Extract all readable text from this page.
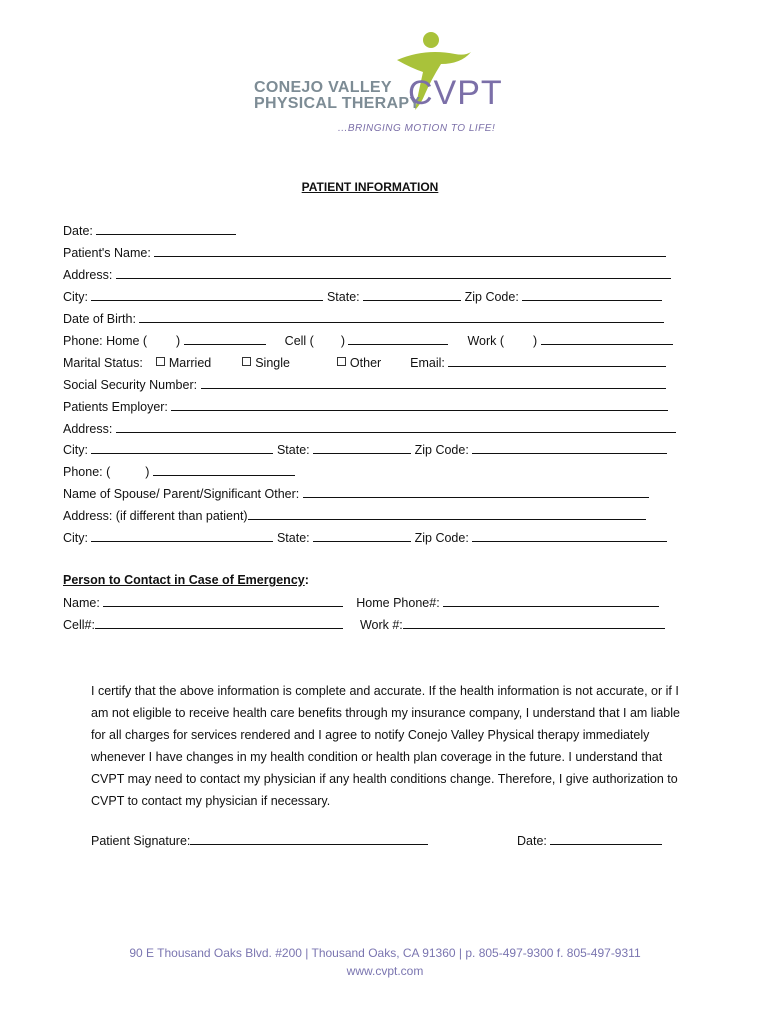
CONEJO VALLEY
PHYSICAL THERAPY
CVPT
...BRINGING MOTION TO LIFE!
PATIENT INFORMATION
Date:
Patient's Name:
Address:
City:	State:	Zip Code:
Date of Birth:
Phone: Home ( )	Cell ( )	Work ( )
Marital Status: Married	Single	Other Email:
Social Security Number:
Patients Employer:
Address:
City:	State:	Zip Code:
Phone: (	)
Name of Spouse/ Parent/Significant Other:
Address: (if different than patient)
City:	State:	Zip Code:
Person to Contact in Case of Emergency:
Name:	Home Phone#:
Cell#:	Work #:
I certify that the above information is complete and accurate. If the health information is not accurate, or if I am not eligible to receive health care benefits through my insurance company, I understand that I am liable for all charges for services rendered and I agree to notify Conejo Valley Physical therapy immediately whenever I have changes in my health condition or health plan coverage in the future. I understand that CVPT may need to contact my physician if any health conditions change. Therefore, I give authorization to CVPT to contact my physician if necessary.
Patient Signature:	Date:
90 E Thousand Oaks Blvd. #200 | Thousand Oaks, CA 91360 | p. 805-497-9300 f. 805-497-9311
www.cvpt.com
